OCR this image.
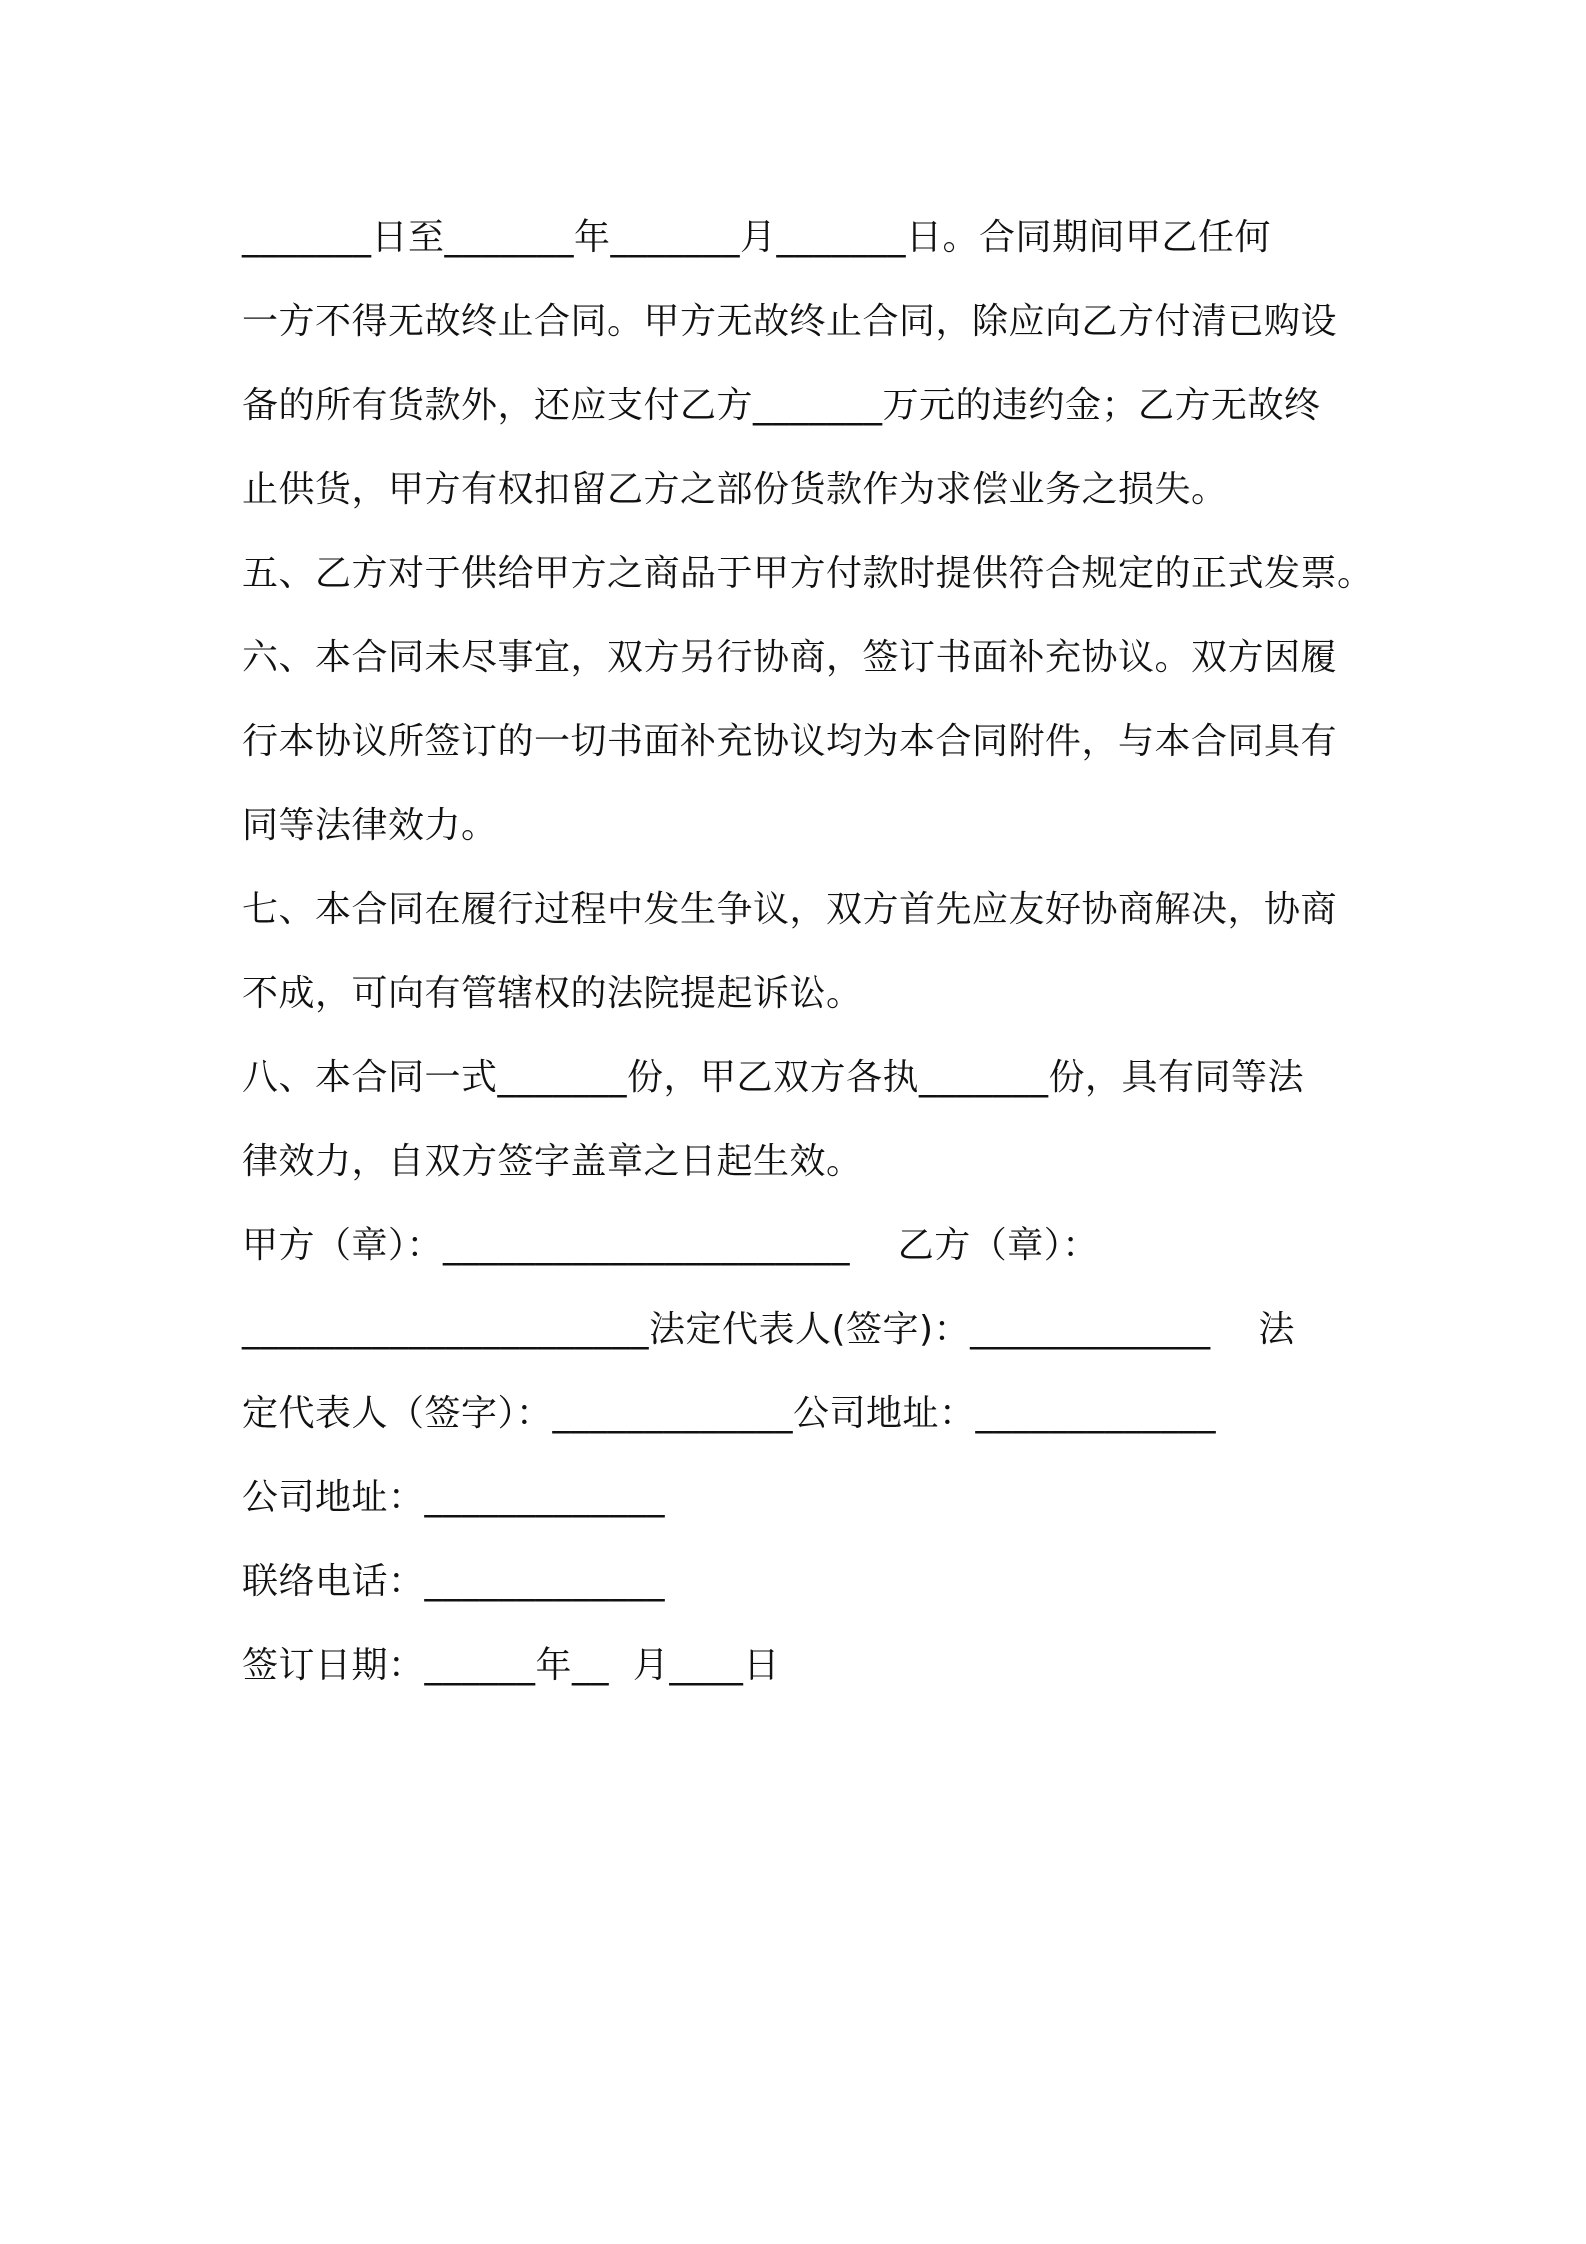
_______日至_______年_______月_______日。合同期间甲乙任何
一方不得无故终止合同。甲方无故终止合同，除应向乙方付清已购设
备的所有货款外，还应支付乙方_______万元的违约金；乙方无故终
止供货，甲方有权扣留乙方之部份货款作为求偿业务之损失。
五、乙方对于供给甲方之商品于甲方付款时提供符合规定的正式发票。
六、本合同未尽事宜，双方另行协商，签订书面补充协议。双方因履
行本协议所签订的一切书面补充协议均为本合同附件，与本合同具有
同等法律效力。
七、本合同在履行过程中发生争议，双方首先应友好协商解决，协商
不成，可向有管辖权的法院提起诉讼。
八、本合同一式_______份，甲乙双方各执_______份，具有同等法
律效力，自双方签字盖章之日起生效。
甲方（章）：______________________    乙方（章）：
______________________法定代表人(签字)：_____________    法
定代表人（签字）：_____________公司地址：_____________
公司地址：_____________
联络电话：_____________
签订日期：______年__  月____日
